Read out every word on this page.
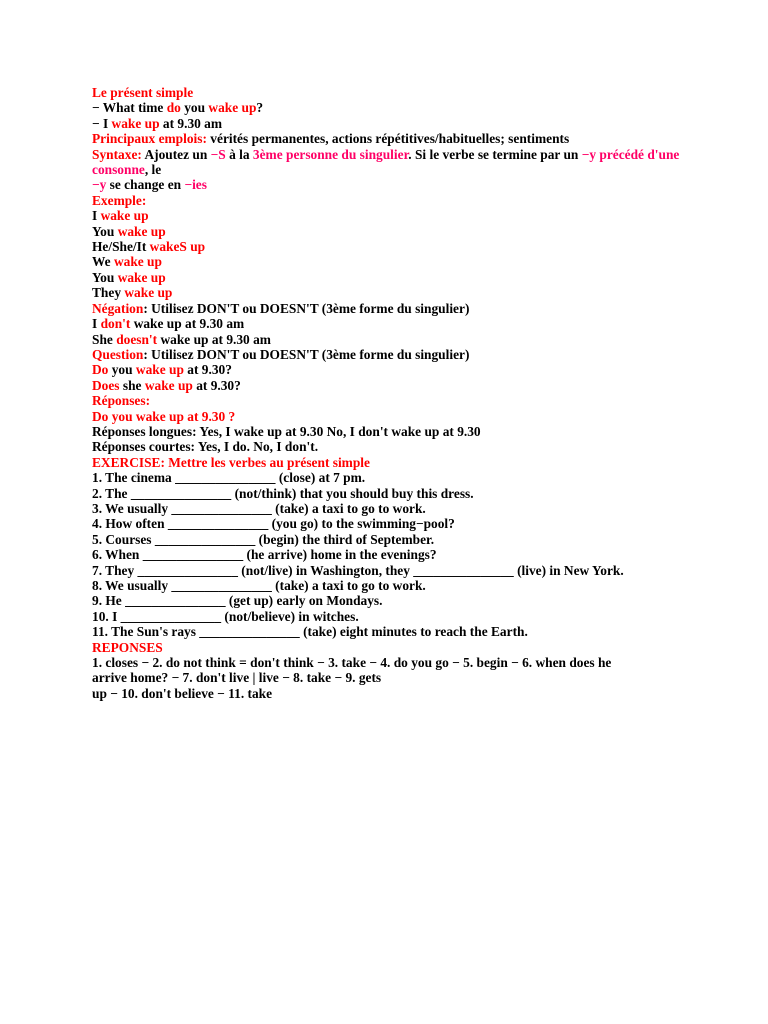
Le présent simple
− What time do you wake up?
− I wake up at 9.30 am
Principaux emplois: vérités permanentes, actions répétitives/habituelles; sentiments
Syntaxe: Ajoutez un −S à la 3ème personne du singulier. Si le verbe se termine par un −y précédé d'une consonne, le
−y se change en −ies
Exemple:
I wake up
You wake up
He/She/It wakeS up
We wake up
You wake up
They wake up
Négation: Utilisez DON'T ou DOESN'T (3ème forme du singulier)
I don't wake up at 9.30 am
She doesn't wake up at 9.30 am
Question: Utilisez DON'T ou DOESN'T (3ème forme du singulier)
Do you wake up at 9.30?
Does she wake up at 9.30?
Réponses:
Do you wake up at 9.30 ?
Réponses longues: Yes, I wake up at 9.30 No, I don't wake up at 9.30
Réponses courtes: Yes, I do. No, I don't.
EXERCISE: Mettre les verbes au présent simple
1. The cinema _______________ (close) at 7 pm.
2. The _______________ (not/think) that you should buy this dress.
3. We usually _______________ (take) a taxi to go to work.
4. How often _______________ (you go) to the swimming−pool?
5. Courses _______________ (begin) the third of September.
6. When _______________ (he arrive) home in the evenings?
7. They _______________ (not/live) in Washington, they _______________ (live) in New York.
8. We usually _______________ (take) a taxi to go to work.
9. He _______________ (get up) early on Mondays.
10. I _______________ (not/believe) in witches.
11. The Sun's rays _______________ (take) eight minutes to reach the Earth.
REPONSES
1. closes − 2. do not think = don't think − 3. take − 4. do you go − 5. begin − 6. when does he
arrive home? − 7. don't live | live − 8. take − 9. gets
up − 10. don't believe − 11. take
